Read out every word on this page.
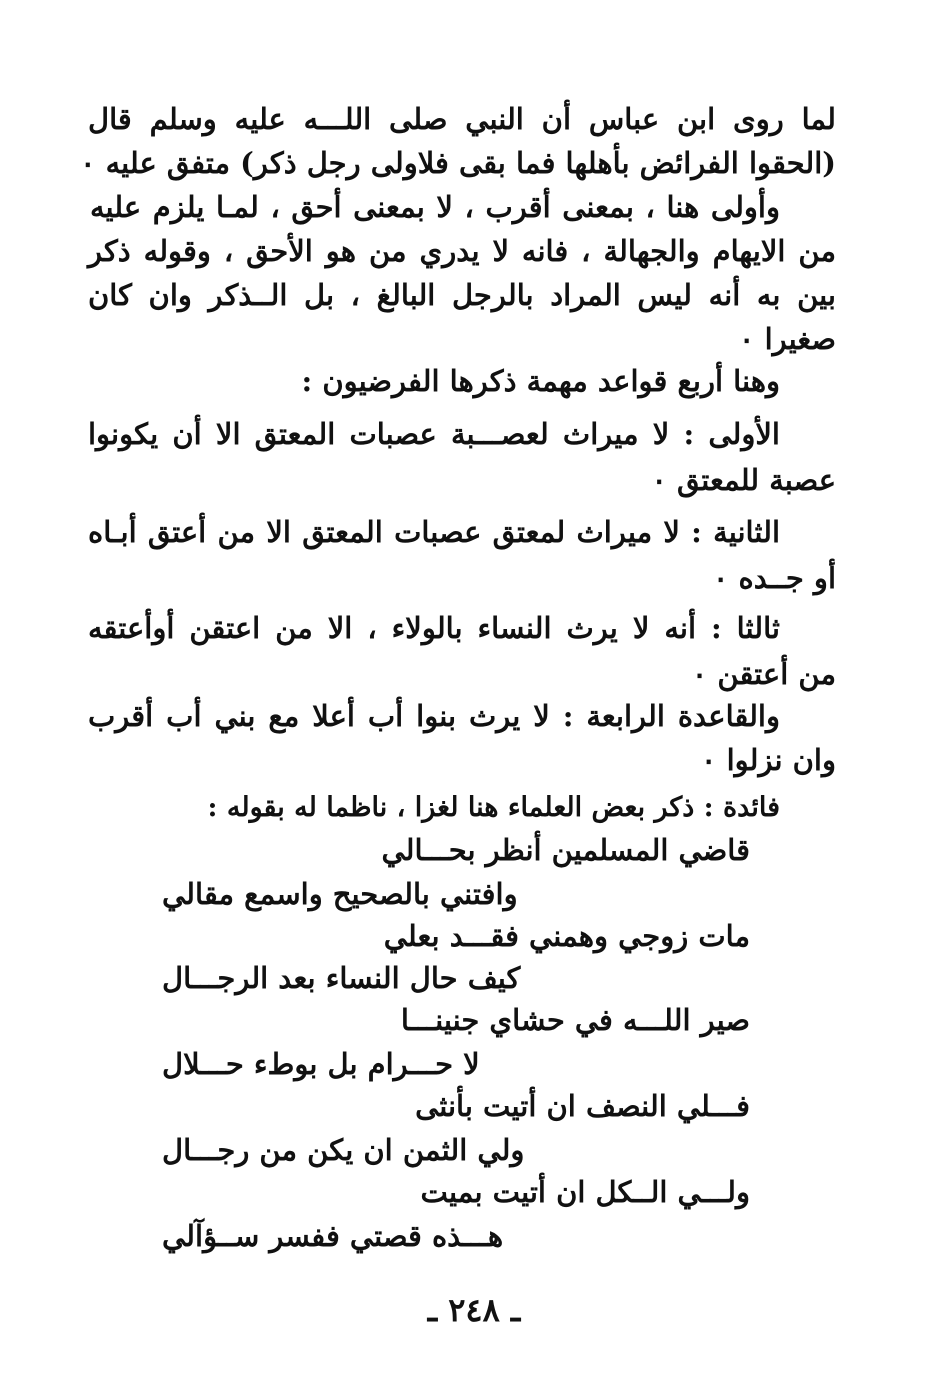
لما روى ابن عباس أن النبي صلى اللـــه عليه وسلم قال
(الحقوا الفرائض بأهلها فما بقى فلاولى رجل ذكر) متفق عليه ٠
وأولى هنا ، بمعنى أقرب ، لا بمعنى أحق ، لمـا يلزم عليه
من الايهام والجهالة ، فانه لا يدري من هو الأحق ، وقوله ذكر
بين به أنه ليس المراد بالرجل البالغ ، بل الــذكر وان كان
صغيرا ٠
وهنا أربع قواعد مهمة ذكرها الفرضيون :
الأولى : لا ميراث لعصـــبة عصبات المعتق الا أن يكونوا
عصبة للمعتق ٠
الثانية : لا ميراث لمعتق عصبات المعتق الا من أعتق أبـاه
أو جــده ٠
ثالثا : أنه لا يرث النساء بالولاء ، الا من اعتقن أوأعتقه
من أعتقن ٠
والقاعدة الرابعة : لا يرث بنوا أب أعلا مع بني أب أقرب
وان نزلوا ٠
فائدة : ذكر بعض العلماء هنا لغزا ، ناظما له بقوله :
قاضي المسلمين أنظر بحـــالي
وافتني بالصحيح واسمع مقالي
مات زوجي وهمني فقـــد بعلي
كيف حال النساء بعد الرجـــال
صير اللـــه في حشاي جنينـــا
لا حـــرام بل بوطء حـــلال
فـــلي النصف ان أتيت بأنثى
ولي الثمن ان يكن من رجـــال
ولـــي الــكل ان أتيت بميت
هـــذه قصتي ففسر ســؤآلي
ـ ٢٤٨ ـ
